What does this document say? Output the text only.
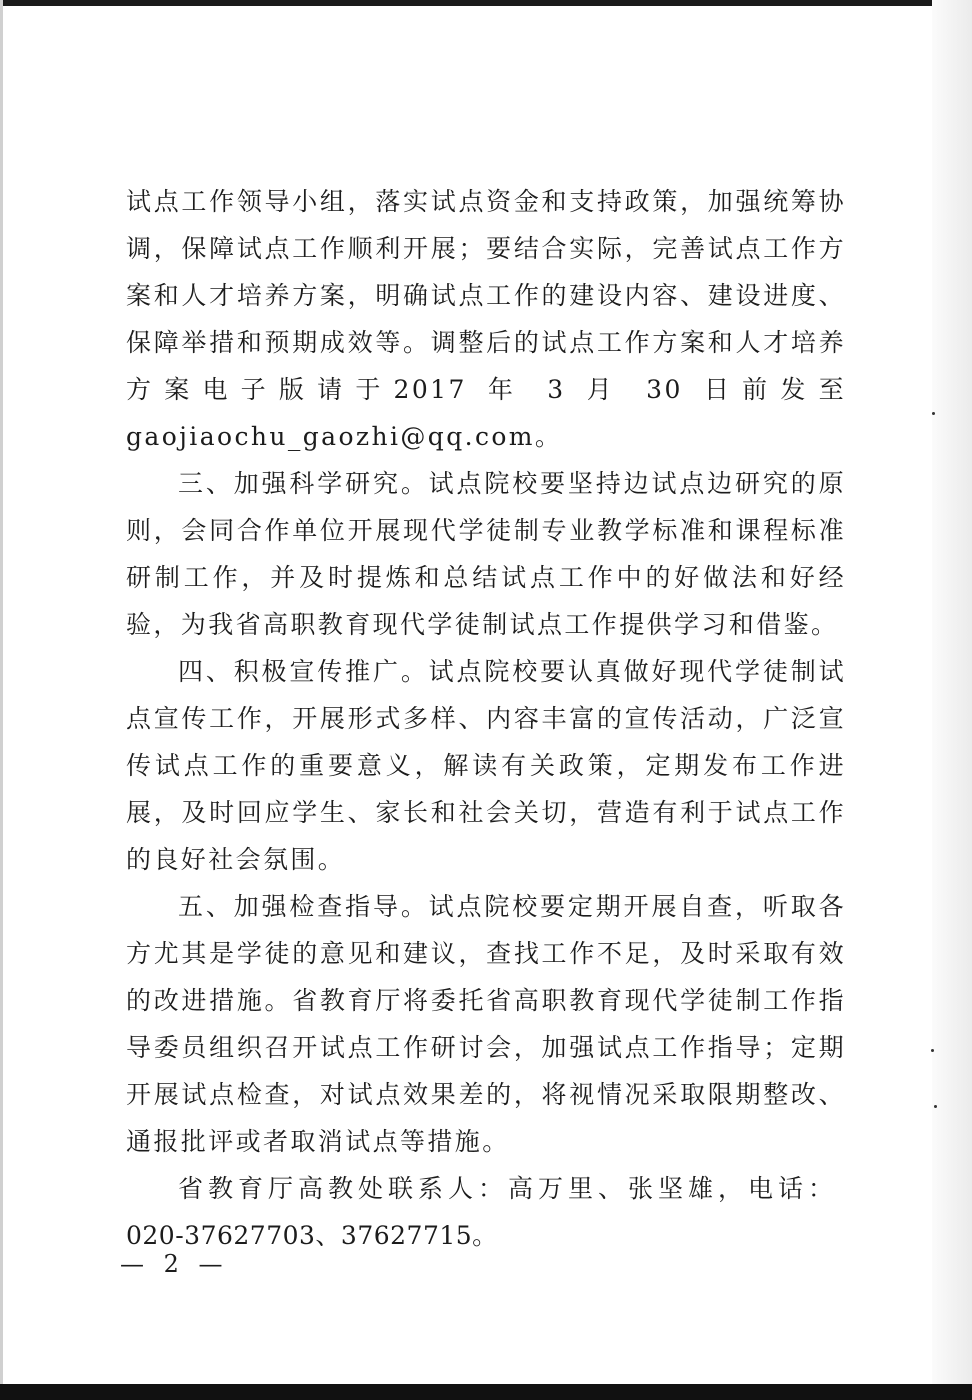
试点工作领导小组，落实试点资金和支持政策，加强统筹协调，保障试点工作顺利开展；要结合实际，完善试点工作方案和人才培养方案，明确试点工作的建设内容、建设进度、保障举措和预期成效等。调整后的试点工作方案和人才培养方案电子版请于2017 年 3 月 30 日前发至 gaojiaochu_gaozhi@qq.com。

三、加强科学研究。试点院校要坚持边试点边研究的原则，会同合作单位开展现代学徒制专业教学标准和课程标准研制工作，并及时提炼和总结试点工作中的好做法和好经验，为我省高职教育现代学徒制试点工作提供学习和借鉴。

四、积极宣传推广。试点院校要认真做好现代学徒制试点宣传工作，开展形式多样、内容丰富的宣传活动，广泛宣传试点工作的重要意义，解读有关政策，定期发布工作进展，及时回应学生、家长和社会关切，营造有利于试点工作的良好社会氛围。

五、加强检查指导。试点院校要定期开展自查，听取各方尤其是学徒的意见和建议，查找工作不足，及时采取有效的改进措施。省教育厅将委托省高职教育现代学徒制工作指导委员组织召开试点工作研讨会，加强试点工作指导；定期开展试点检查，对试点效果差的，将视情况采取限期整改、通报批评或者取消试点等措施。

省教育厅高教处联系人：高万里、张坚雄，电话：

020-37627703、37627715。

— 2 —
